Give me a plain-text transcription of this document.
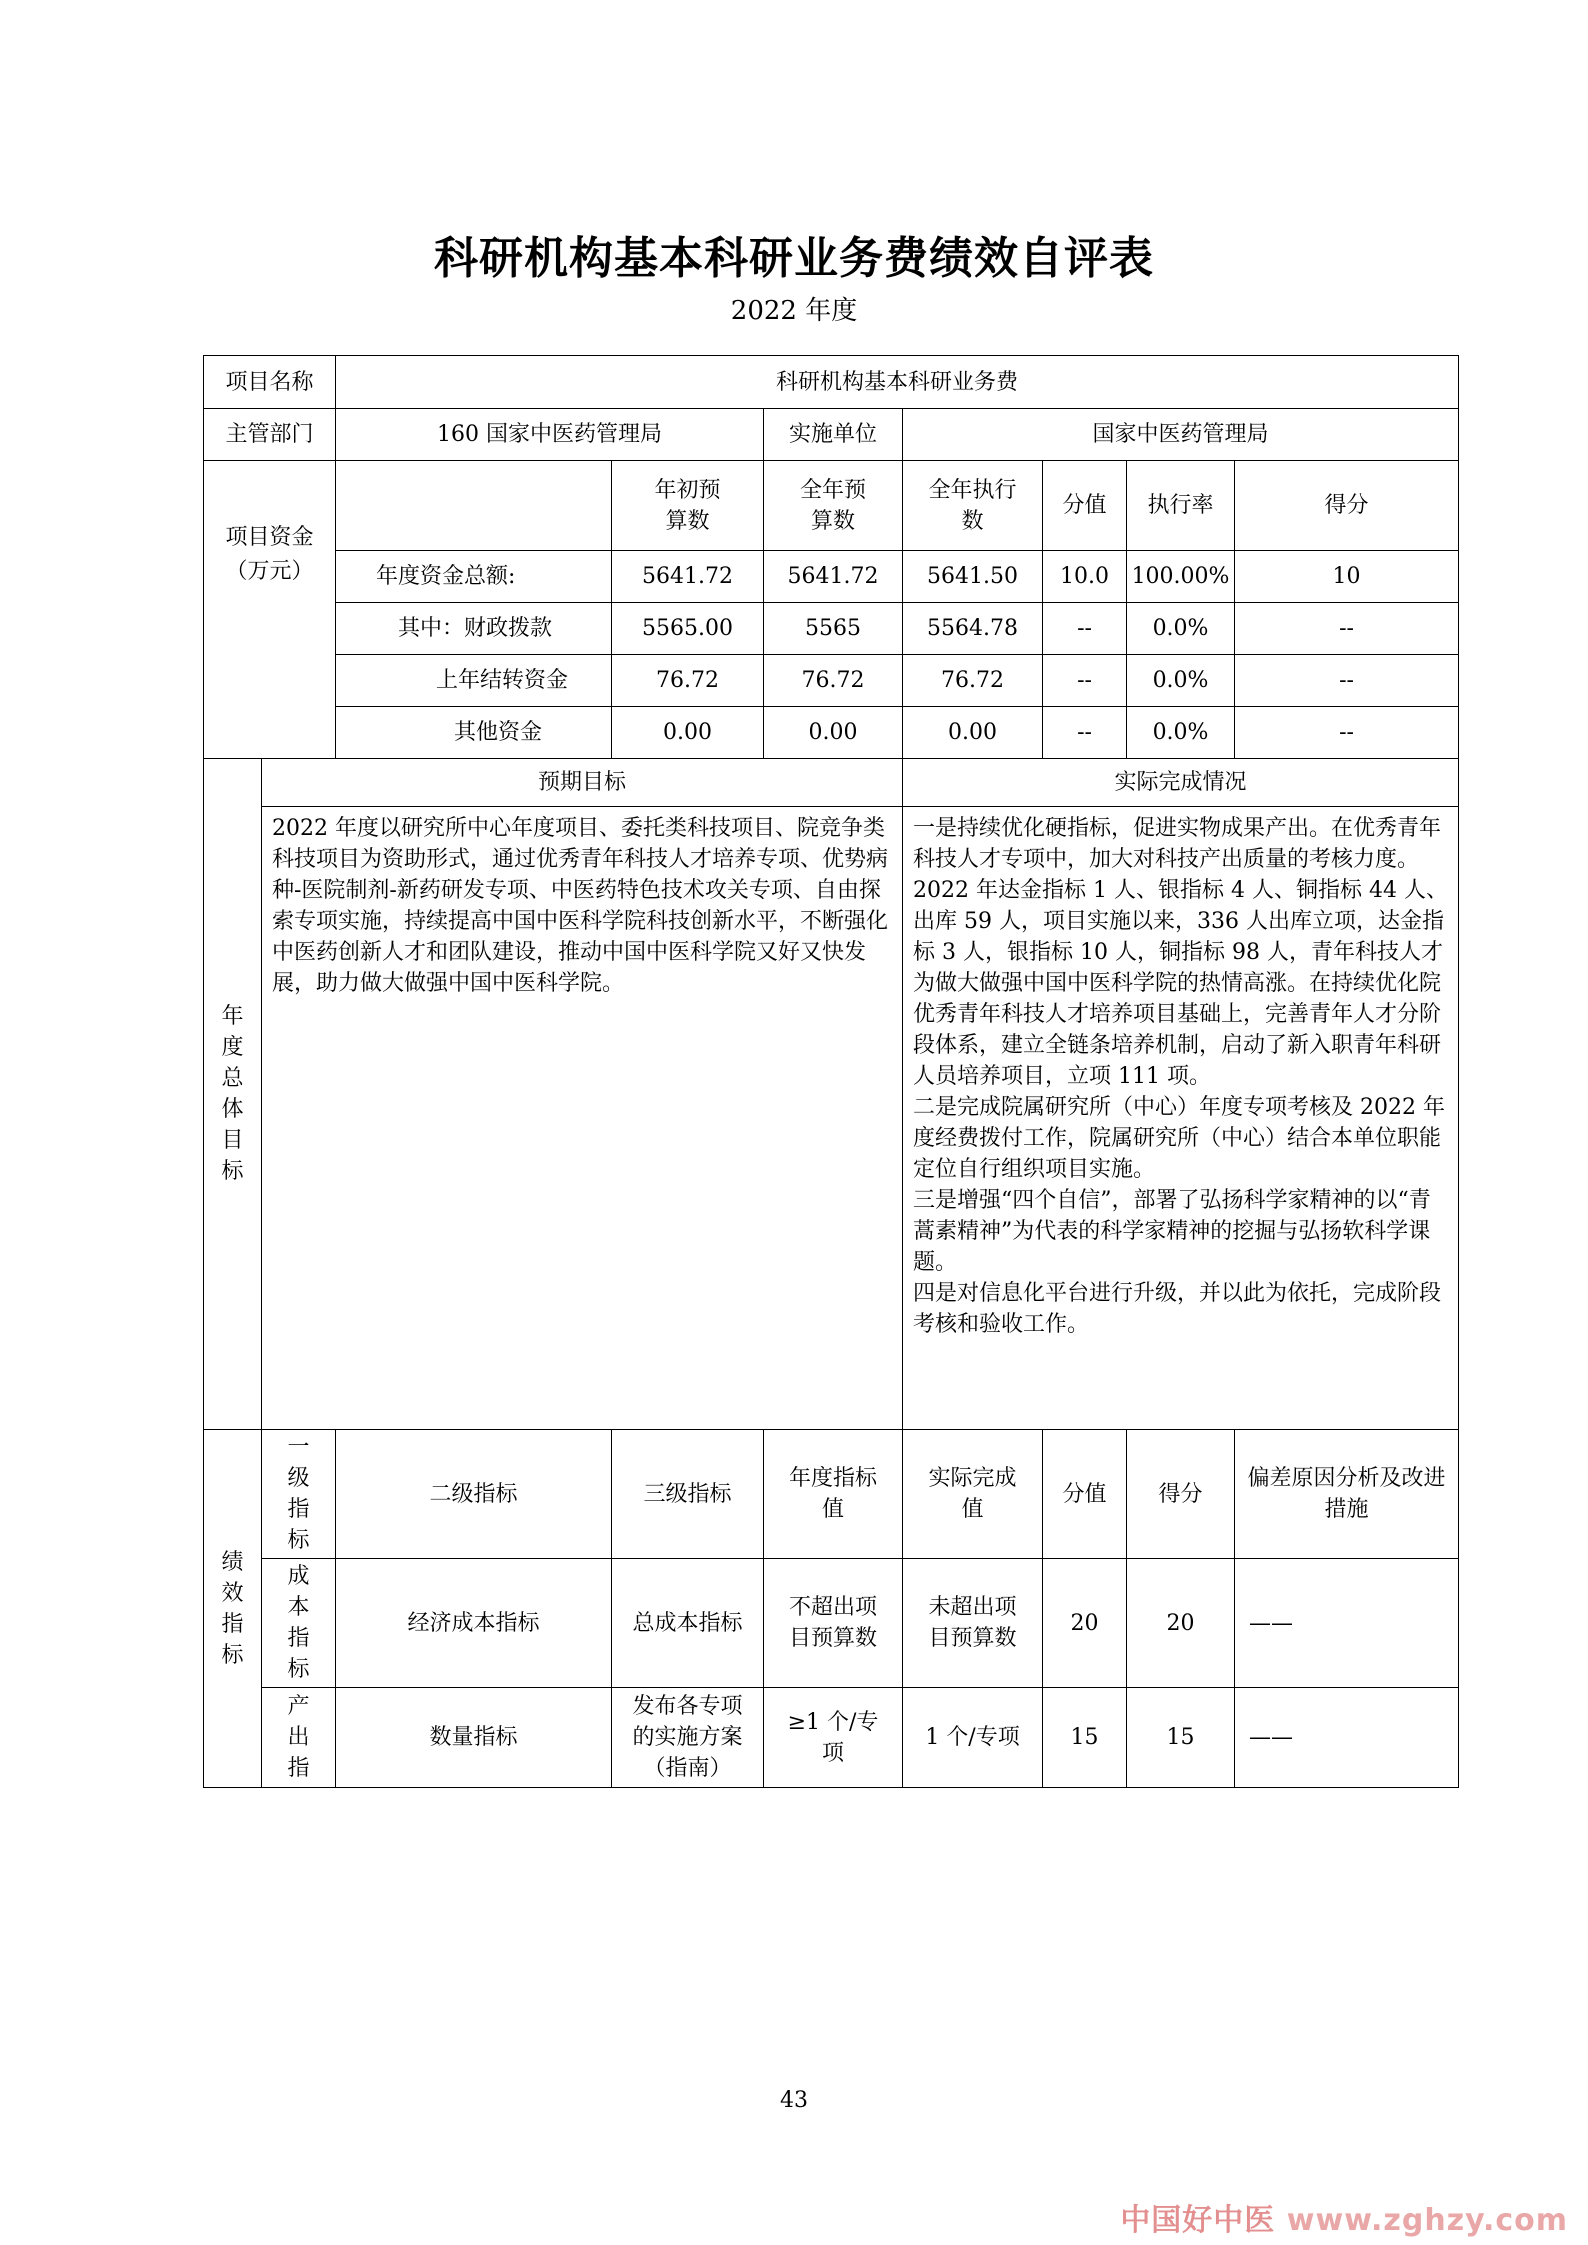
科研机构基本科研业务费绩效自评表
2022 年度
项目名称		科研机构基本科研业务费						
主管部门		160 国家中医药管理局		实施单位	国家中医药管理局			
项目资金（万元）			年初预算数	全年预算数	全年执行数	分值	执行率	得分
		年度资金总额:	5641.72	5641.72	5641.50	10.0	100.00%	10
		其中：财政拨款	5565.00	5565	5564.78	--	0.0%	--
		上年结转资金	76.72	76.72	76.72	--	0.0%	--
		其他资金	0.00	0.00	0.00	--	0.0%	--
年度总体目标	预期目标				实际完成情况			
	2022 年度以研究所中心年度项目、委托类科技项目、院竞争类科技项目为资助形式，通过优秀青年科技人才培养专项、优势病种-医院制剂-新药研发专项、中医药特色技术攻关专项、自由探索专项实施，持续提高中国中医科学院科技创新水平，不断强化中医药创新人才和团队建设，推动中国中医科学院又好又快发展，助力做大做强中国中医科学院。				一是持续优化硬指标，促进实物成果产出。在优秀青年科技人才专项中，加大对科技产出质量的考核力度。2022 年达金指标 1 人、银指标 4 人、铜指标 44 人、出库 59 人，项目实施以来，336 人出库立项，达金指标 3 人，银指标 10 人，铜指标 98 人，青年科技人才为做大做强中国中医科学院的热情高涨。在持续优化院优秀青年科技人才培养项目基础上，完善青年人才分阶段体系，建立全链条培养机制，启动了新入职青年科研人员培养项目，立项 111 项。
二是完成院属研究所（中心）年度专项考核及 2022 年度经费拨付工作，院属研究所（中心）结合本单位职能定位自行组织项目实施。
三是增强“四个自信”，部署了弘扬科学家精神的以“青蒿素精神”为代表的科学家精神的挖掘与弘扬软科学课题。
四是对信息化平台进行升级，并以此为依托，完成阶段考核和验收工作。			

绩效指标	一级指标	二级指标	三级指标	年度指标值	实际完成值	分值	得分	偏差原因分析及改进措施
	成本指标	经济成本指标	总成本指标	不超出项目预算数	未超出项目预算数	20	20	——
	产出指	数量指标	发布各专项的实施方案（指南）	≥1 个/专项	1 个/专项	15	15	——
43
中国好中医 www.zghzy.com
